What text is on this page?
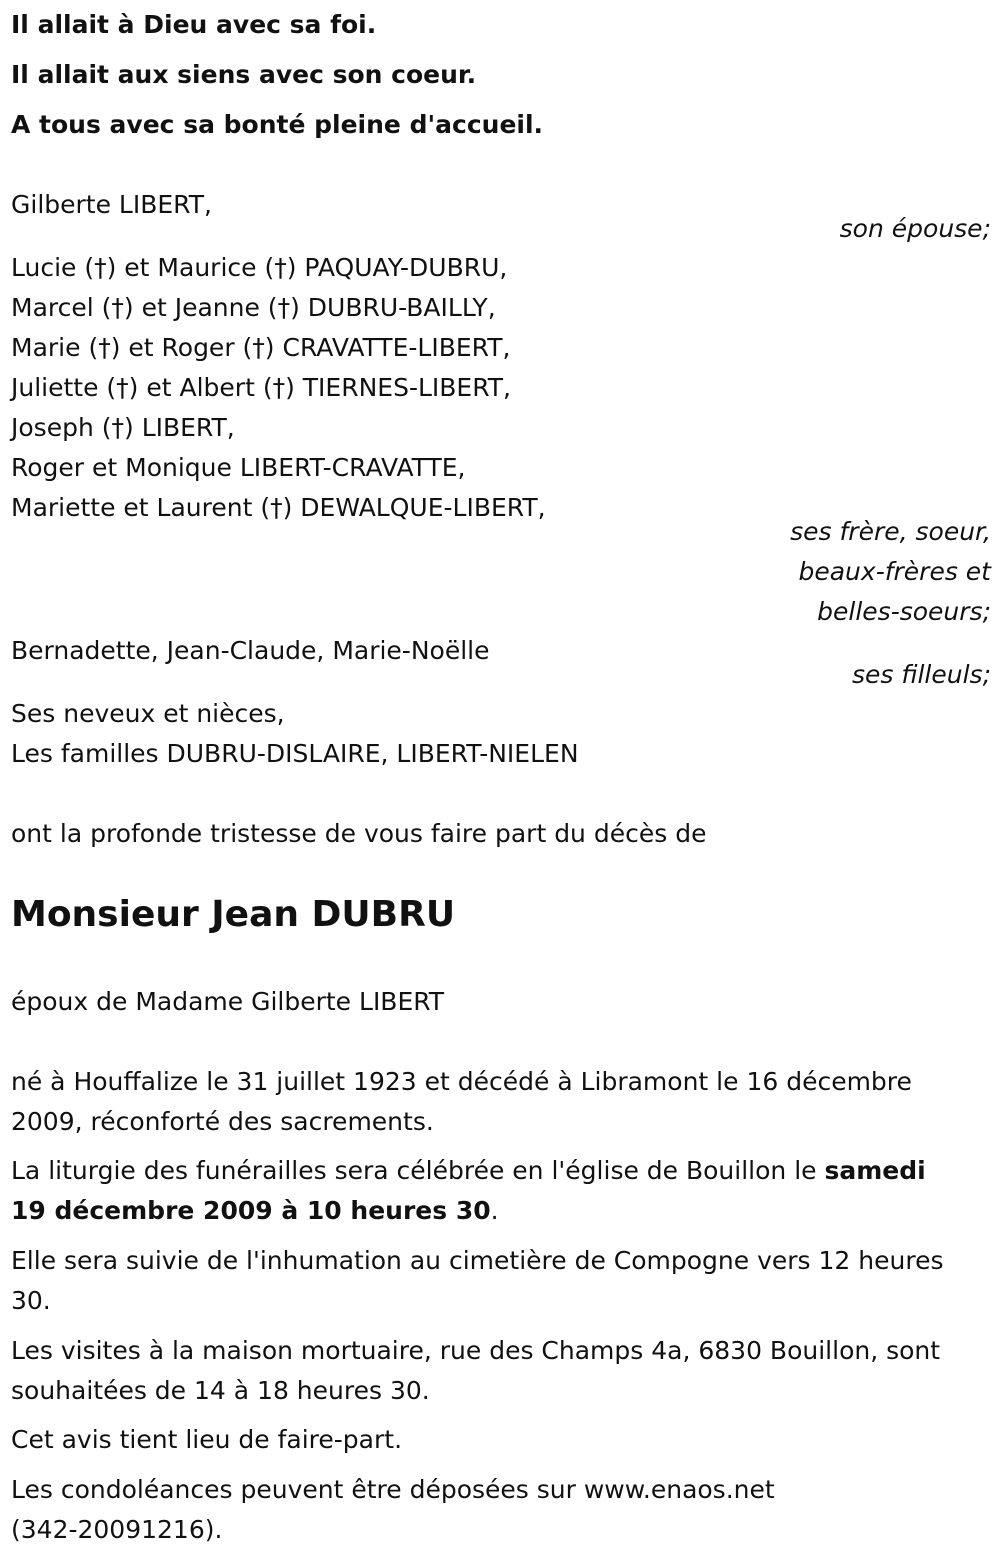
Il allait à Dieu avec sa foi.
Il allait aux siens avec son coeur.
A tous avec sa bonté pleine d'accueil.
Gilberte LIBERT,
son épouse;
Lucie (†) et Maurice (†) PAQUAY-DUBRU,
Marcel (†) et Jeanne (†) DUBRU-BAILLY,
Marie (†) et Roger (†) CRAVATTE-LIBERT,
Juliette (†) et Albert (†) TIERNES-LIBERT,
Joseph (†) LIBERT,
Roger et Monique LIBERT-CRAVATTE,
Mariette et Laurent (†) DEWALQUE-LIBERT,
ses frère, soeur,
beaux-frères et
belles-soeurs;
Bernadette, Jean-Claude, Marie-Noëlle
ses filleuls;
Ses neveux et nièces,
Les familles DUBRU-DISLAIRE, LIBERT-NIELEN
ont la profonde tristesse de vous faire part du décès de
Monsieur Jean DUBRU
époux de Madame Gilberte LIBERT
né à Houffalize le 31 juillet 1923 et décédé à Libramont le 16 décembre
2009, réconforté des sacrements.
La liturgie des funérailles sera célébrée en l'église de Bouillon le samedi
19 décembre 2009 à 10 heures 30.
Elle sera suivie de l'inhumation au cimetière de Compogne vers 12 heures
30.
Les visites à la maison mortuaire, rue des Champs 4a, 6830 Bouillon, sont
souhaitées de 14 à 18 heures 30.
Cet avis tient lieu de faire-part.
Les condoléances peuvent être déposées sur www.enaos.net
(342-20091216).
